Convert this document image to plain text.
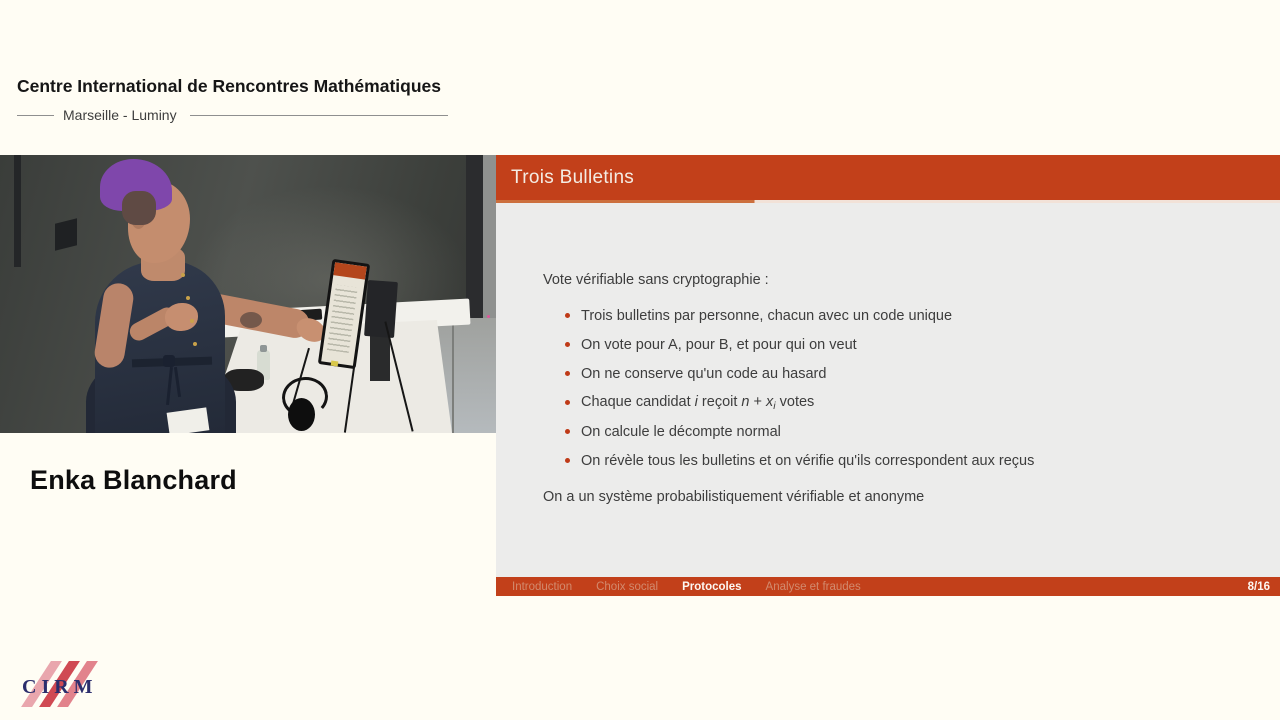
Centre International de Rencontres Mathématiques
Marseille - Luminy
Enka Blanchard
Trois Bulletins

Vote vérifiable sans cryptographie :

Trois bulletins par personne, chacun avec un code unique
On vote pour A, pour B, et pour qui on veut
On ne conserve qu'un code au hasard
Chaque candidat i reçoit $n + x_i$ votes
On calcule le décompte normal
On révèle tous les bulletins et on vérifie qu'ils correspondent aux reçus

On a un système probabilistiquement vérifiable et anonyme

Introduction Choix social Protocoles Analyse et fraudes	8/16
CIRM
